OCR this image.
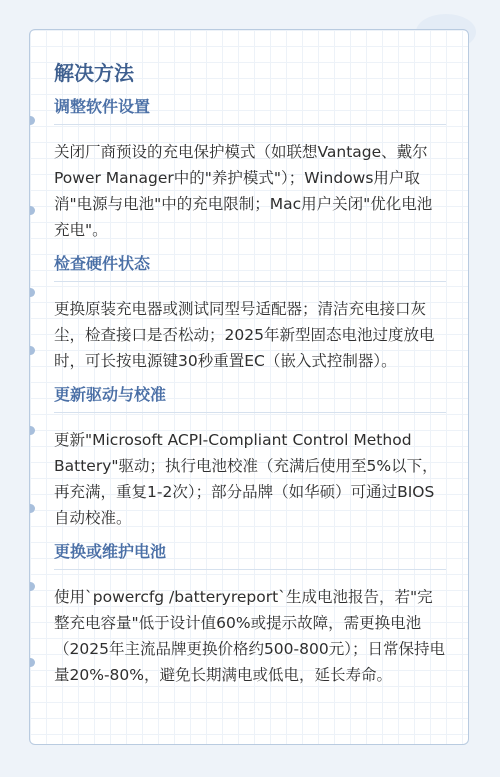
解决方法
调整软件设置

关闭厂商预设的充电保护模式（如联想Vantage、戴尔Power Manager中的"养护模式"）；Windows用户取消"电源与电池"中的充电限制；Mac用户关闭"优化电池充电"。

检查硬件状态

更换原装充电器或测试同型号适配器；清洁充电接口灰尘，检查接口是否松动；2025年新型固态电池过度放电时，可长按电源键30秒重置EC（嵌入式控制器）。

更新驱动与校准

更新"Microsoft ACPI-Compliant Control Method Battery"驱动；执行电池校准（充满后使用至5%以下，再充满，重复1-2次）；部分品牌（如华硕）可通过BIOS自动校准。

更换或维护电池

使用`powercfg /batteryreport`生成电池报告，若"完整充电容量"低于设计值60%或提示故障，需更换电池（2025年主流品牌更换价格约500-800元）；日常保持电量20%-80%，避免长期满电或低电，延长寿命。
